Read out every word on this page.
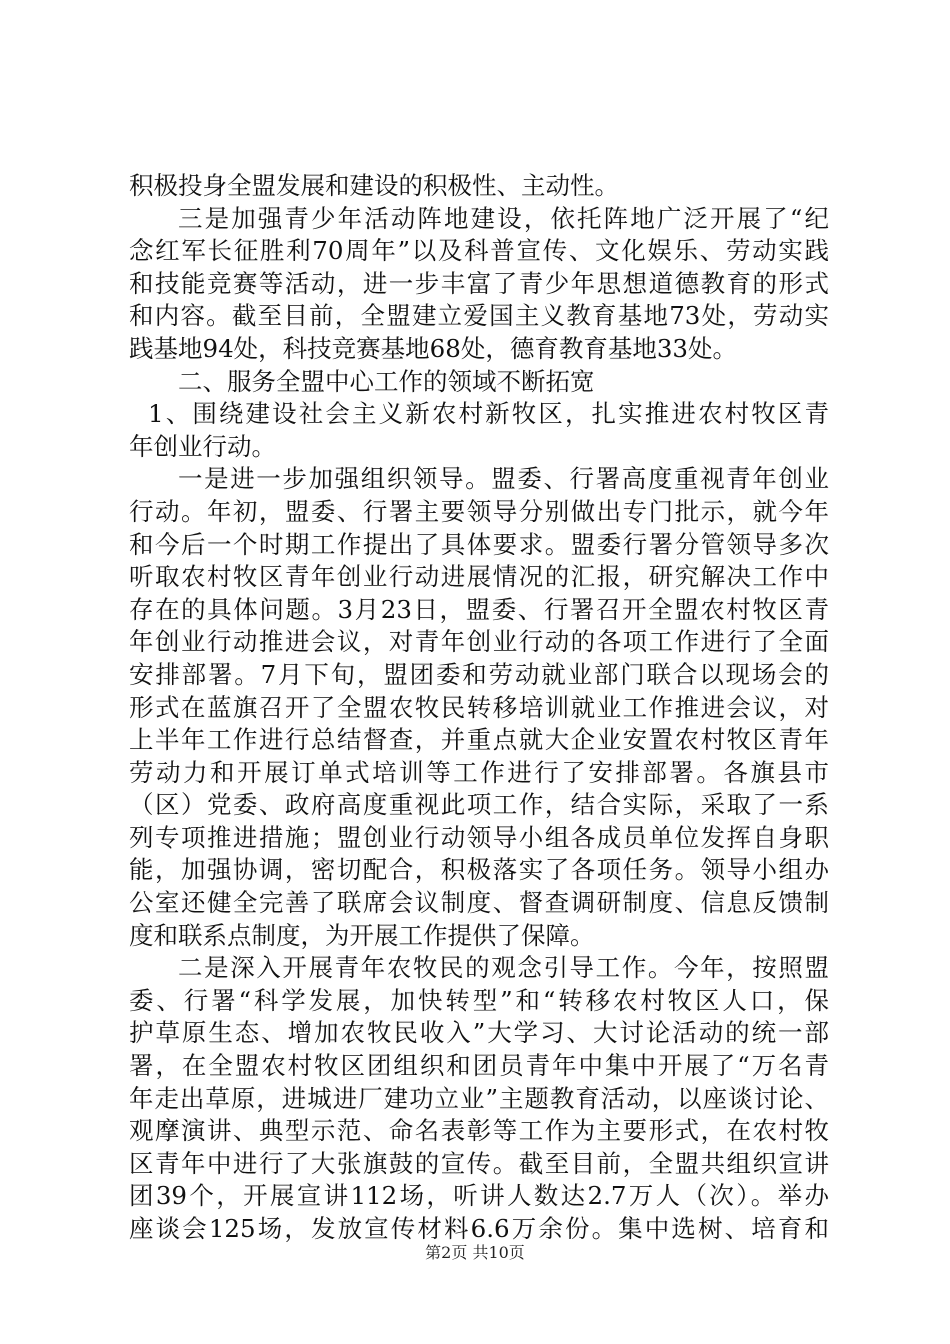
积极投身全盟发展和建设的积极性、主动性。
三是加强青少年活动阵地建设，依托阵地广泛开展了“纪
念红军长征胜利70周年”以及科普宣传、文化娱乐、劳动实践
和技能竞赛等活动，进一步丰富了青少年思想道德教育的形式
和内容。截至目前，全盟建立爱国主义教育基地73处，劳动实
践基地94处，科技竞赛基地68处，德育教育基地33处。
二、服务全盟中心工作的领域不断拓宽
1、围绕建设社会主义新农村新牧区，扎实推进农村牧区青
年创业行动。
一是进一步加强组织领导。盟委、行署高度重视青年创业
行动。年初，盟委、行署主要领导分别做出专门批示，就今年
和今后一个时期工作提出了具体要求。盟委行署分管领导多次
听取农村牧区青年创业行动进展情况的汇报，研究解决工作中
存在的具体问题。3月23日，盟委、行署召开全盟农村牧区青
年创业行动推进会议，对青年创业行动的各项工作进行了全面
安排部署。7月下旬，盟团委和劳动就业部门联合以现场会的
形式在蓝旗召开了全盟农牧民转移培训就业工作推进会议，对
上半年工作进行总结督查，并重点就大企业安置农村牧区青年
劳动力和开展订单式培训等工作进行了安排部署。各旗县市
（区）党委、政府高度重视此项工作，结合实际，采取了一系
列专项推进措施；盟创业行动领导小组各成员单位发挥自身职
能，加强协调，密切配合，积极落实了各项任务。领导小组办
公室还健全完善了联席会议制度、督查调研制度、信息反馈制
度和联系点制度，为开展工作提供了保障。
二是深入开展青年农牧民的观念引导工作。今年，按照盟
委、行署“科学发展，加快转型”和“转移农村牧区人口，保
护草原生态、增加农牧民收入”大学习、大讨论活动的统一部
署，在全盟农村牧区团组织和团员青年中集中开展了“万名青
年走出草原，进城进厂建功立业”主题教育活动，以座谈讨论、
观摩演讲、典型示范、命名表彰等工作为主要形式，在农村牧
区青年中进行了大张旗鼓的宣传。截至目前，全盟共组织宣讲
团39个，开展宣讲112场，听讲人数达2.7万人（次）。举办
座谈会125场，发放宣传材料6.6万余份。集中选树、培育和
第2页 共10页
